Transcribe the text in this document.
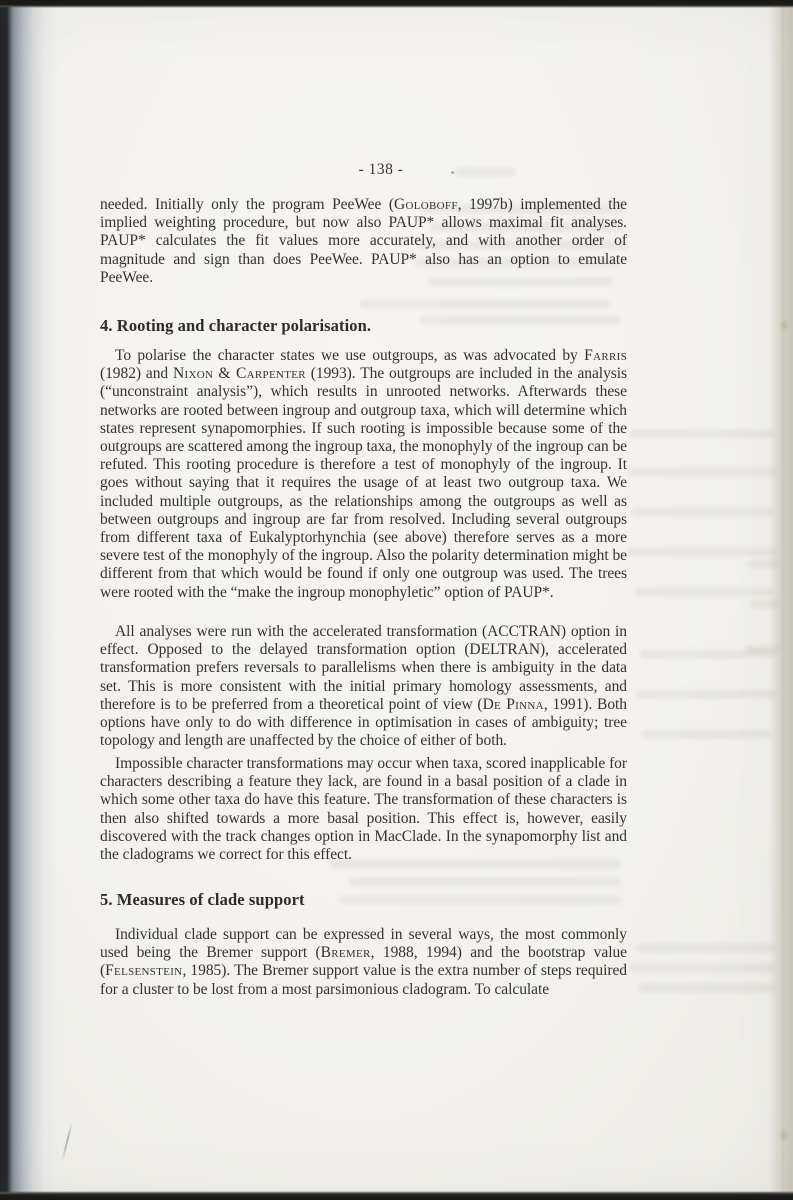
- 138 -

needed. Initially only the program PeeWee (Goloboff, 1997b) implemented the implied weighting procedure, but now also PAUP* allows maximal fit analyses. PAUP* calculates the fit values more accurately, and with another order of magnitude and sign than does PeeWee. PAUP* also has an option to emulate PeeWee.

4. Rooting and character polarisation.

To polarise the character states we use outgroups, as was advocated by Farris (1982) and Nixon & Carpenter (1993). The outgroups are included in the analysis (“unconstraint analysis”), which results in unrooted networks. Afterwards these networks are rooted between ingroup and outgroup taxa, which will determine which states represent synapomorphies. If such rooting is impossible because some of the outgroups are scattered among the ingroup taxa, the monophyly of the ingroup can be refuted. This rooting procedure is therefore a test of monophyly of the ingroup. It goes without saying that it requires the usage of at least two outgroup taxa. We included multiple outgroups, as the relationships among the outgroups as well as between outgroups and ingroup are far from resolved. Including several outgroups from different taxa of Eukalyptorhynchia (see above) therefore serves as a more severe test of the monophyly of the ingroup. Also the polarity determination might be different from that which would be found if only one outgroup was used. The trees were rooted with the “make the ingroup monophyletic” option of PAUP*.

All analyses were run with the accelerated transformation (ACCTRAN) option in effect. Opposed to the delayed transformation option (DELTRAN), accelerated transformation prefers reversals to parallelisms when there is ambiguity in the data set. This is more consistent with the initial primary homology assessments, and therefore is to be preferred from a theoretical point of view (De Pinna, 1991). Both options have only to do with difference in optimisation in cases of ambiguity; tree topology and length are unaffected by the choice of either of both.

Impossible character transformations may occur when taxa, scored inapplicable for characters describing a feature they lack, are found in a basal position of a clade in which some other taxa do have this feature. The transformation of these characters is then also shifted towards a more basal position. This effect is, however, easily discovered with the track changes option in MacClade. In the synapomorphy list and the cladograms we correct for this effect.

5. Measures of clade support

Individual clade support can be expressed in several ways, the most commonly used being the Bremer support (Bremer, 1988, 1994) and the bootstrap value (Felsenstein, 1985). The Bremer support value is the extra number of steps required for a cluster to be lost from a most parsimonious cladogram. To calculate
